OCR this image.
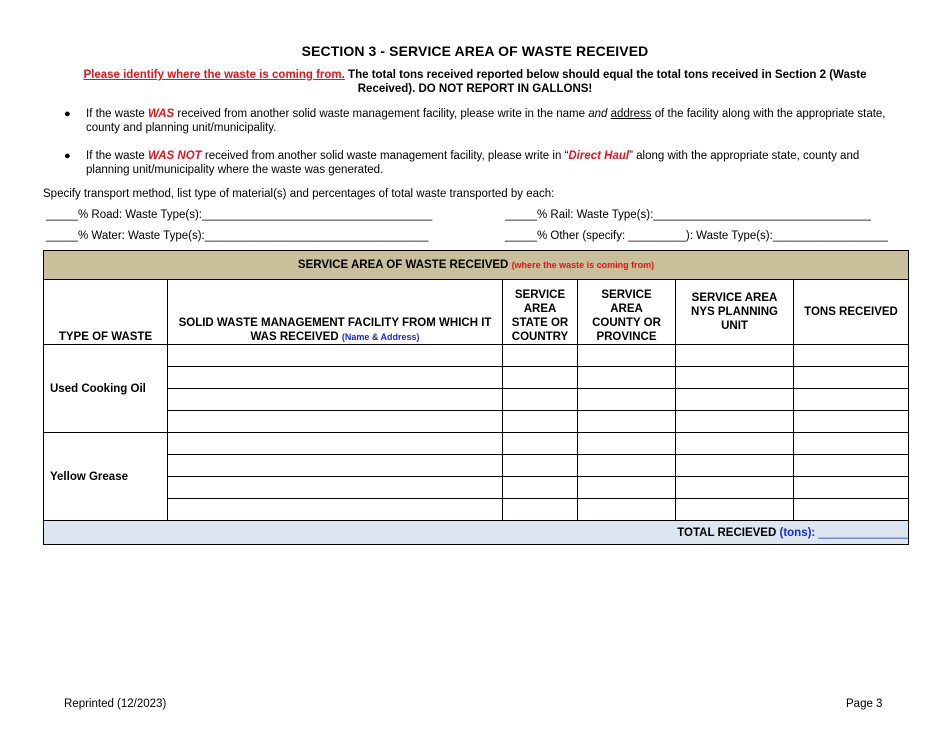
SECTION 3 - SERVICE AREA OF WASTE RECEIVED
Please identify where the waste is coming from. The total tons received reported below should equal the total tons received in Section 2 (Waste Received). DO NOT REPORT IN GALLONS!
● If the waste WAS received from another solid waste management facility, please write in the name and address of the facility along with the appropriate state, county and planning unit/municipality.
● If the waste WAS NOT received from another solid waste management facility, please write in “Direct Haul” along with the appropriate state, county and planning unit/municipality where the waste was generated.
Specify transport method, list type of material(s) and percentages of total waste transported by each:
_____% Road: Waste Type(s):____________________________________	_____% Rail: Waste Type(s):__________________________________
_____% Water: Waste Type(s):___________________________________	_____% Other (specify: _________): Waste Type(s):__________________
SERVICE AREA OF WASTE RECEIVED (where the waste is coming from)					
TYPE OF WASTE	SOLID WASTE MANAGEMENT FACILITY FROM WHICH IT WAS RECEIVED (Name & Address)	SERVICE AREA STATE OR COUNTRY	SERVICE AREA COUNTY OR PROVINCE	SERVICE AREA NYS PLANNING UNIT	TONS RECEIVED
Used Cooking Oil					

Yellow Grease					

TOTAL RECIEVED (tons): ______________					
Reprinted (12/2023)	Page 3
